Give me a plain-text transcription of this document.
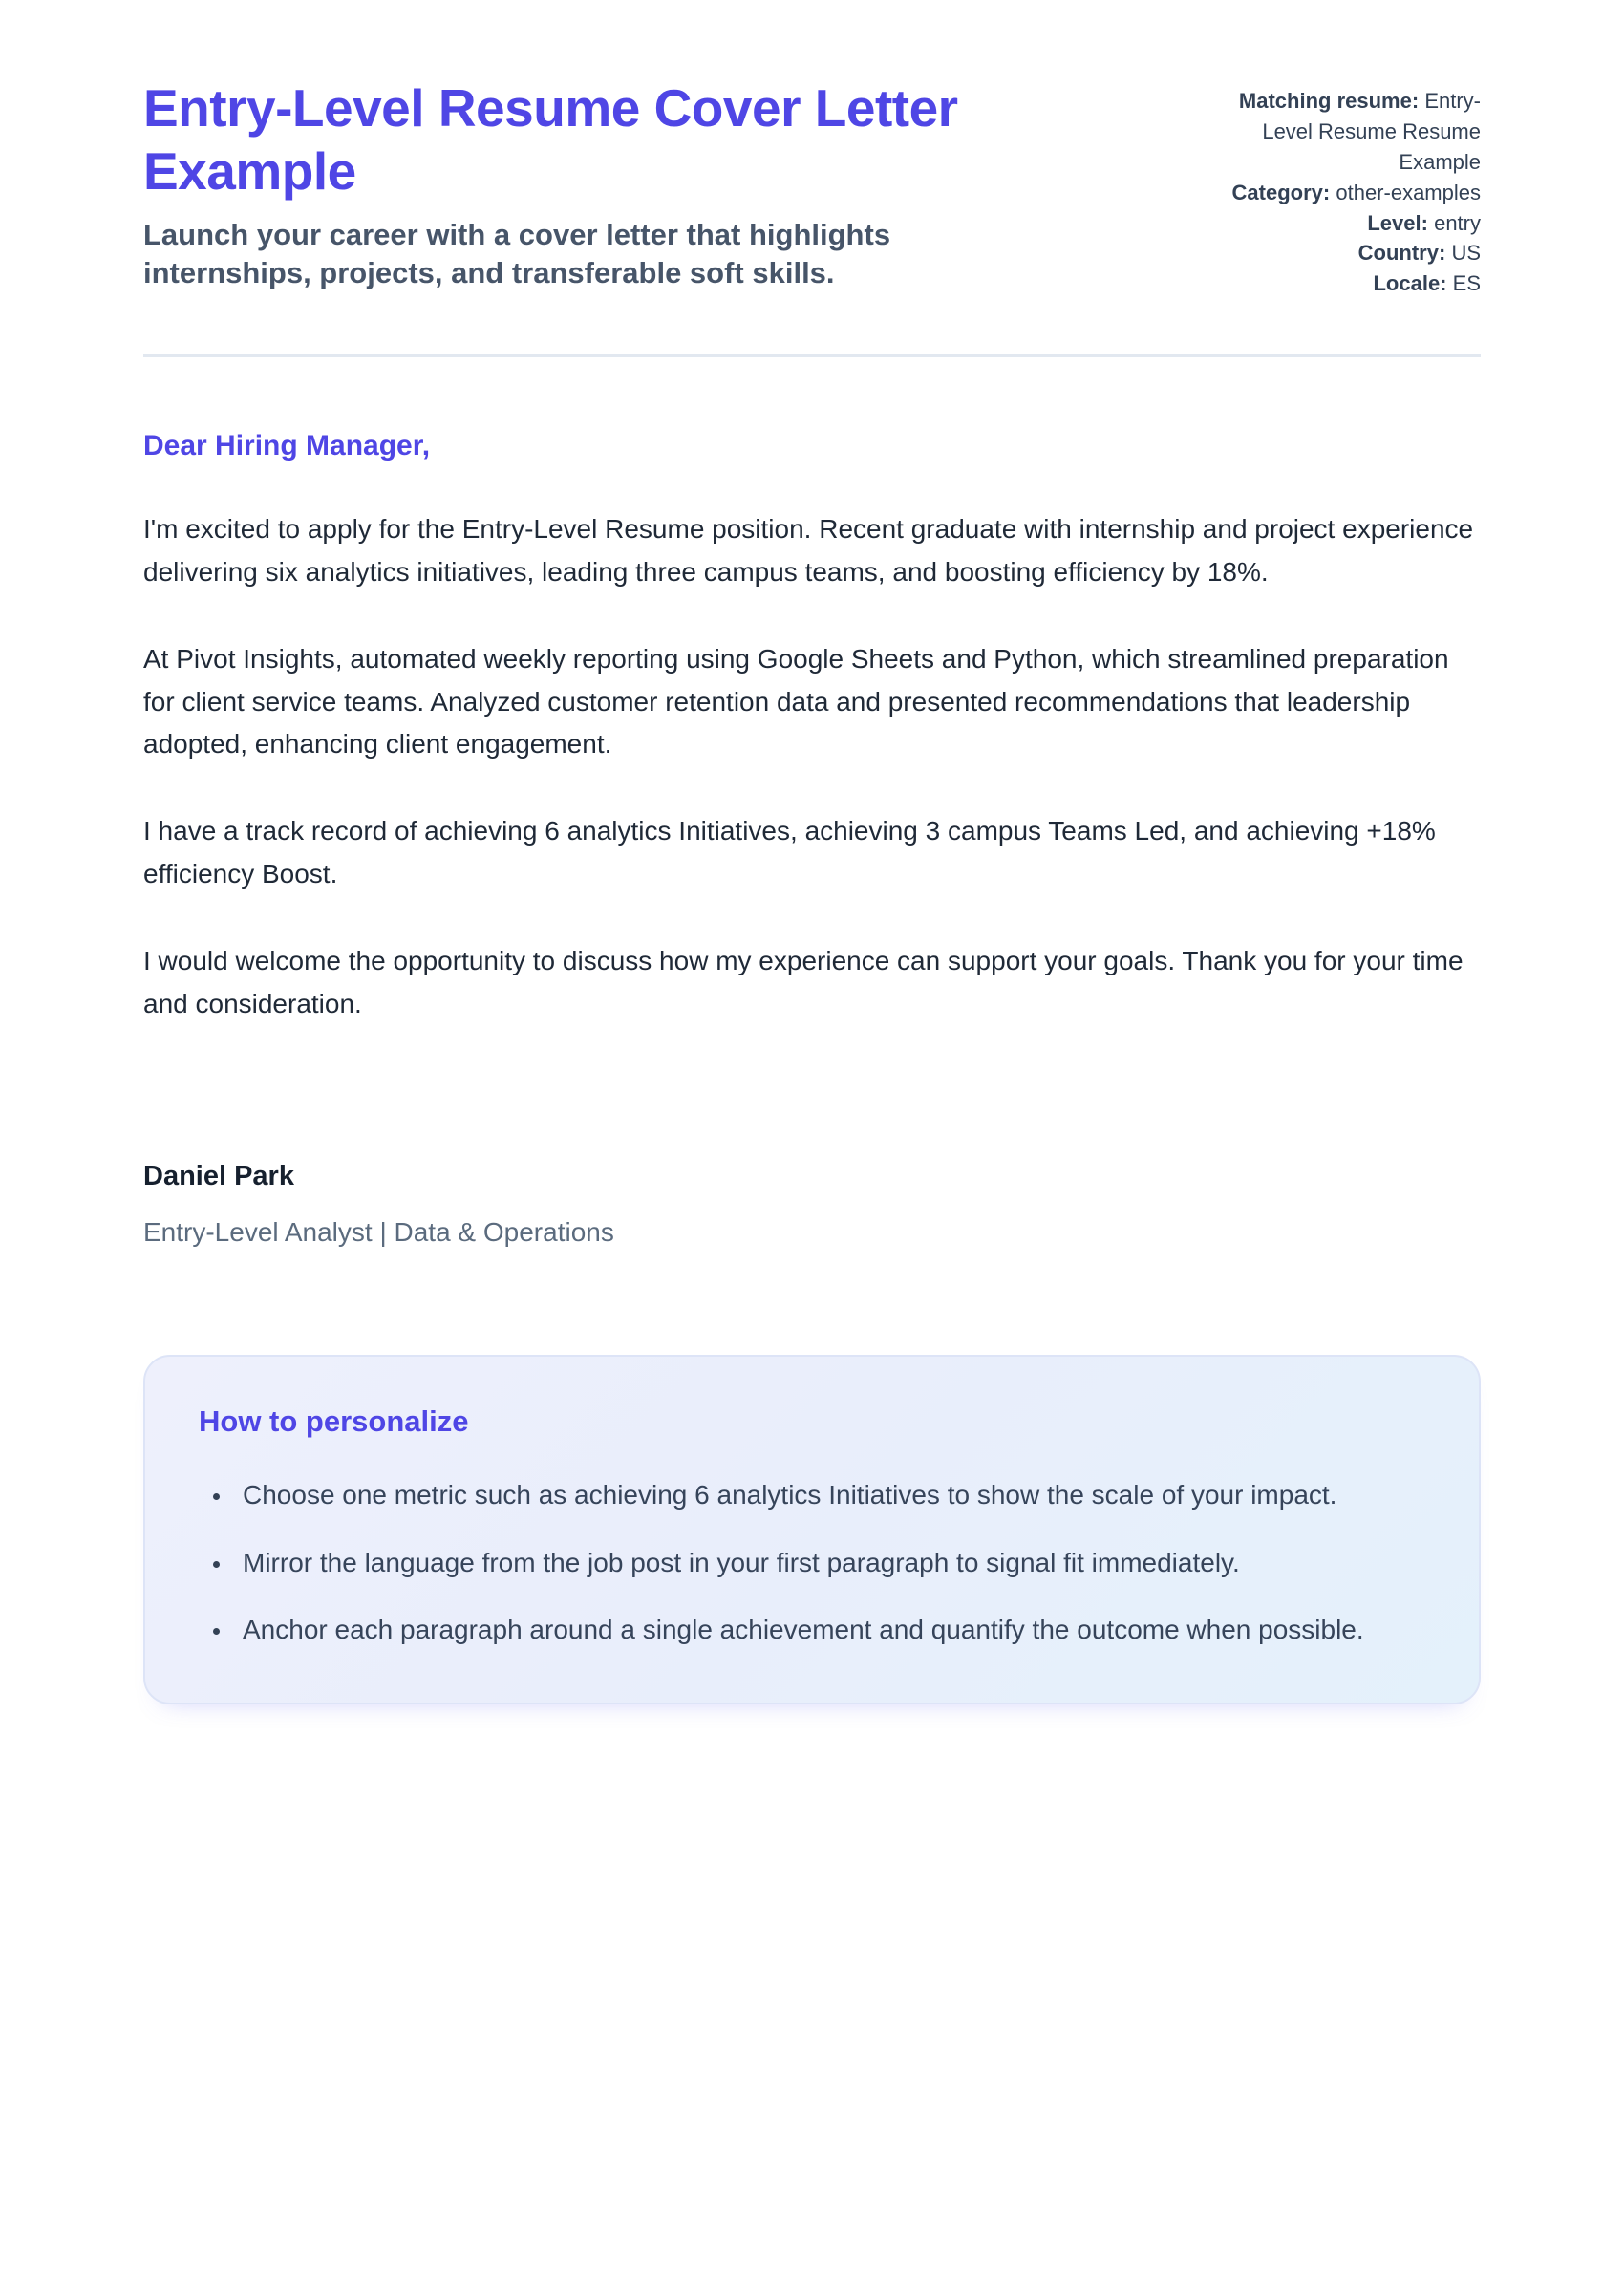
Entry-Level Resume Cover Letter Example

Launch your career with a cover letter that highlights internships, projects, and transferable soft skills.

Matching resume: Entry-Level Resume Resume Example
Category: other-examples
Level: entry
Country: US
Locale: ES

Dear Hiring Manager,

I'm excited to apply for the Entry-Level Resume position. Recent graduate with internship and project experience delivering six analytics initiatives, leading three campus teams, and boosting efficiency by 18%.

At Pivot Insights, automated weekly reporting using Google Sheets and Python, which streamlined preparation for client service teams. Analyzed customer retention data and presented recommendations that leadership adopted, enhancing client engagement.

I have a track record of achieving 6 analytics Initiatives, achieving 3 campus Teams Led, and achieving +18% efficiency Boost.

I would welcome the opportunity to discuss how my experience can support your goals. Thank you for your time and consideration.

Daniel Park

Entry-Level Analyst | Data & Operations

How to personalize
• Choose one metric such as achieving 6 analytics Initiatives to show the scale of your impact.
• Mirror the language from the job post in your first paragraph to signal fit immediately.
• Anchor each paragraph around a single achievement and quantify the outcome when possible.
